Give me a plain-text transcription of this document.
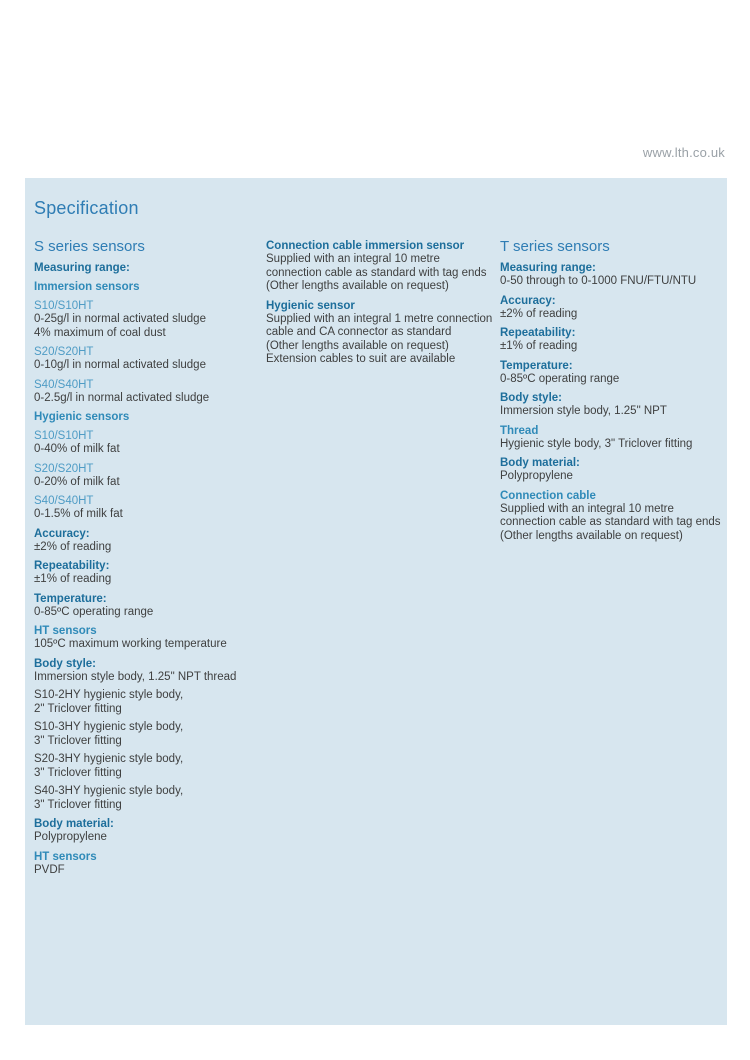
www.lth.co.uk
Specification
S series sensors
Measuring range:
Immersion sensors
S10/S10HT
0-25g/l in normal activated sludge
4% maximum of coal dust
S20/S20HT
0-10g/l in normal activated sludge
S40/S40HT
0-2.5g/l in normal activated sludge
Hygienic sensors
S10/S10HT
0-40% of milk fat
S20/S20HT
0-20% of milk fat
S40/S40HT
0-1.5% of milk fat
Accuracy:
±2% of reading
Repeatability:
±1% of reading
Temperature:
0-85ºC operating range
HT sensors
105ºC maximum working temperature
Body style:
Immersion style body, 1.25" NPT thread
S10-2HY hygienic style body,
2" Triclover fitting
S10-3HY hygienic style body,
3" Triclover fitting
S20-3HY hygienic style body,
3" Triclover fitting
S40-3HY hygienic style body,
3" Triclover fitting
Body material:
Polypropylene
HT sensors
PVDF
Connection cable immersion sensor
Supplied with an integral 10 metre
connection cable as standard with tag ends
(Other lengths available on request)
Hygienic sensor
Supplied with an integral 1 metre connection
cable and CA connector as standard
(Other lengths available on request)
Extension cables to suit are available
T series sensors
Measuring range:
0-50 through to 0-1000 FNU/FTU/NTU
Accuracy:
±2% of reading
Repeatability:
±1% of reading
Temperature:
0-85ºC operating range
Body style:
Immersion style body, 1.25" NPT
Thread
Hygienic style body, 3" Triclover fitting
Body material:
Polypropylene
Connection cable
Supplied with an integral 10 metre
connection cable as standard with tag ends
(Other lengths available on request)
